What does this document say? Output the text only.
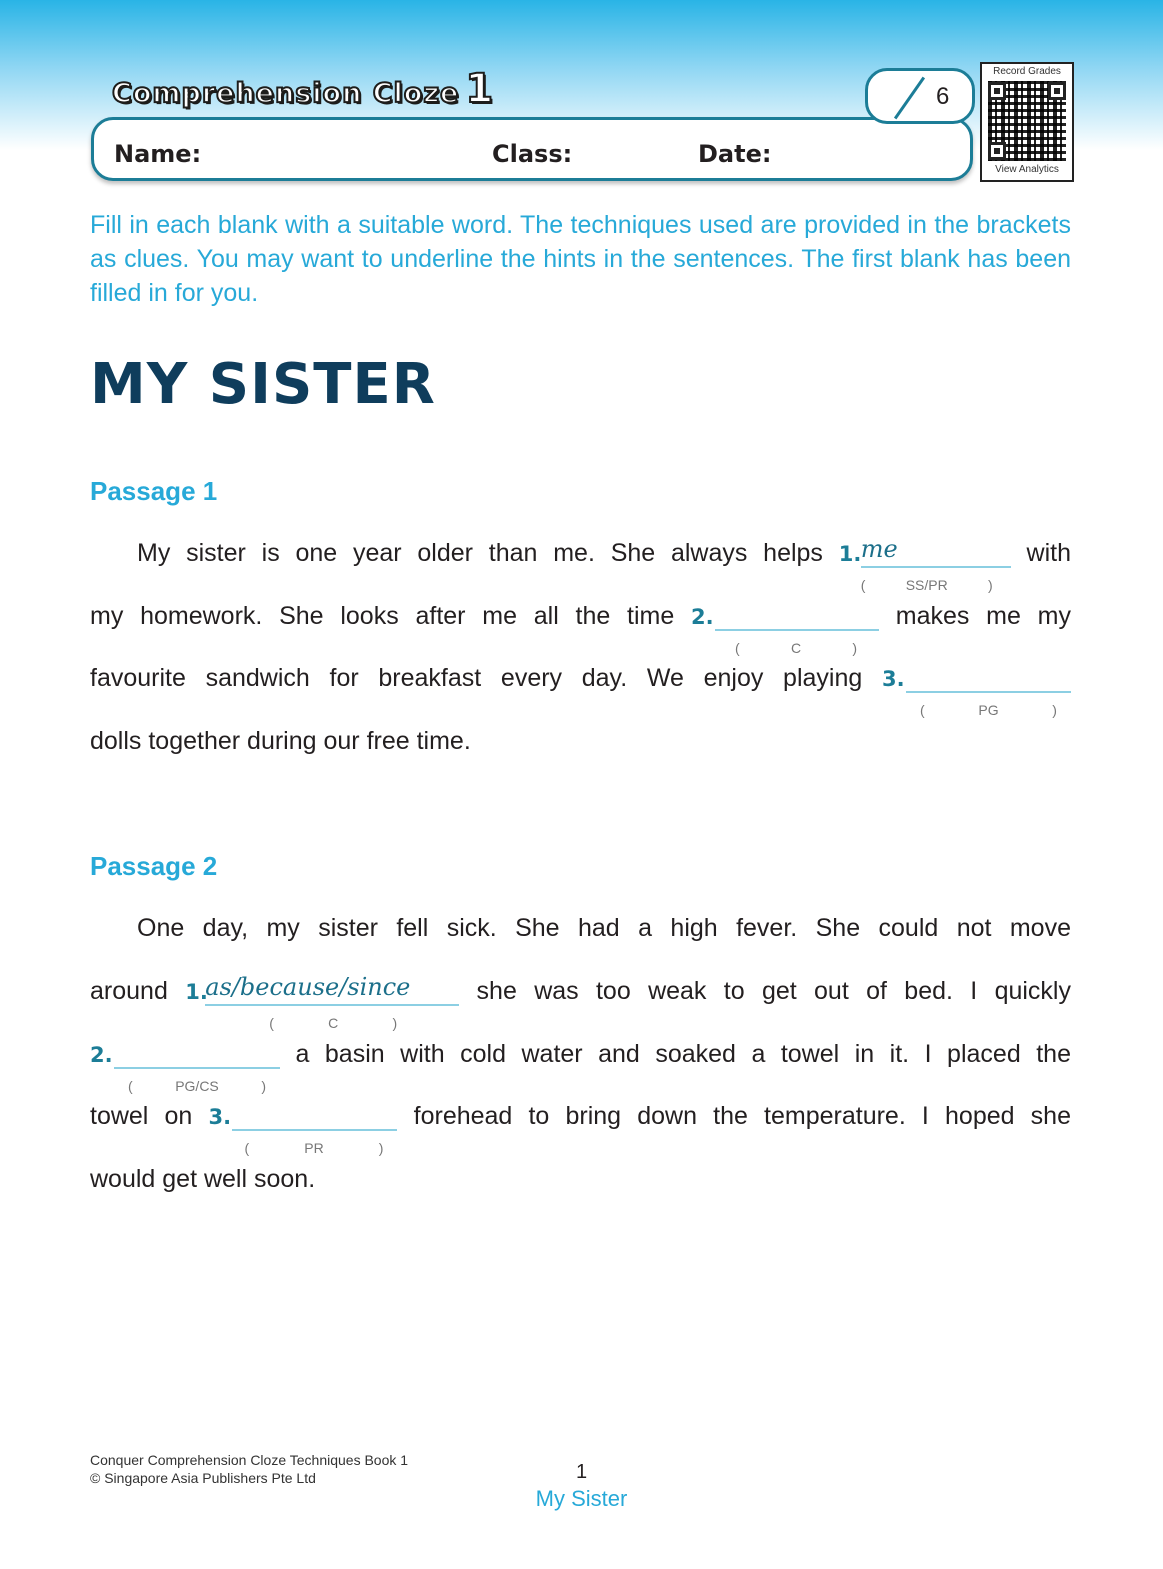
Comprehension Cloze 1
Name:	Class:	Date:
6
Record Grades
View Analytics
Fill in each blank with a suitable word. The techniques used are provided in the brackets as clues. You may want to underline the hints in the sentences. The first blank has been filled in for you.
MY SISTER
Passage 1
My sister is one year older than me. She always helps 1. me
(	SS/PR	)
with
my homework. She looks after me all the time 2.
(	C	)
makes me my
favourite sandwich for breakfast every day. We enjoy playing 3.
(	PG	)
dolls together during our free time.
Passage 2
One day, my sister fell sick. She had a high fever. She could not move
around 1.
as/because/since
(	C	)
she was too weak to get out of bed. I quickly
2.
(	PG/CS	)
a basin with cold water and soaked a towel in it. I placed the
towel on 3.
(	PR	)
forehead to bring down the temperature. I hoped she
would get well soon.
Conquer Comprehension Cloze Techniques Book 1
© Singapore Asia Publishers Pte Ltd	1
My Sister
